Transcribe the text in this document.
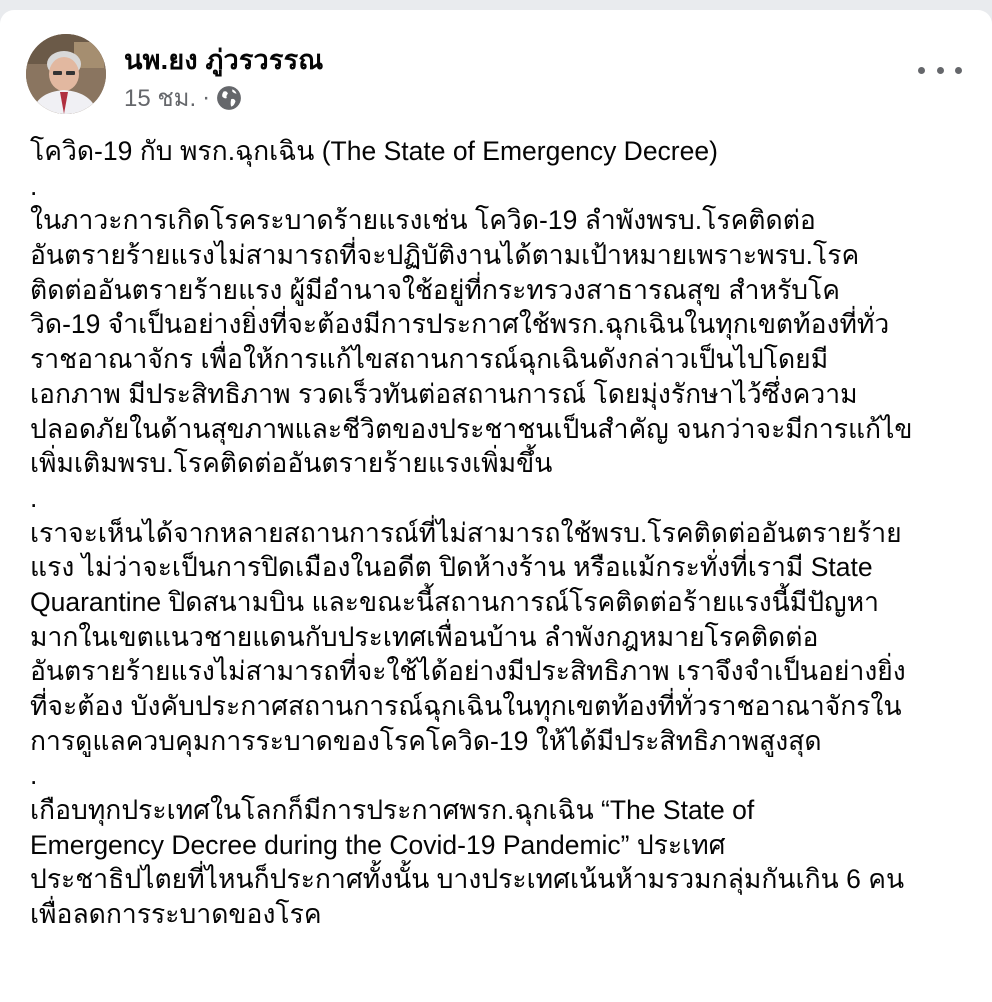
นพ.ยง ภู่วรวรรณ
15 ชม. ·
โควิด-19 กับ พรก.ฉุกเฉิน (The State of Emergency Decree)
.
ในภาวะการเกิดโรคระบาดร้ายแรงเช่น โควิด-19 ลำพังพรบ.โรคติดต่อ
อันตรายร้ายแรงไม่สามารถที่จะปฏิบัติงานได้ตามเป้าหมายเพราะพรบ.โรค
ติดต่ออันตรายร้ายแรง ผู้มีอำนาจใช้อยู่ที่กระทรวงสาธารณสุข สำหรับโค
วิด-19 จำเป็นอย่างยิ่งที่จะต้องมีการประกาศใช้พรก.ฉุกเฉินในทุกเขตท้องที่ทั่ว
ราชอาณาจักร เพื่อให้การแก้ไขสถานการณ์ฉุกเฉินดังกล่าวเป็นไปโดยมี
เอกภาพ มีประสิทธิภาพ รวดเร็วทันต่อสถานการณ์ โดยมุ่งรักษาไว้ซึ่งความ
ปลอดภัยในด้านสุขภาพและชีวิตของประชาชนเป็นสำคัญ จนกว่าจะมีการแก้ไข
เพิ่มเติมพรบ.โรคติดต่ออันตรายร้ายแรงเพิ่มขึ้น
.
เราจะเห็นได้จากหลายสถานการณ์ที่ไม่สามารถใช้พรบ.โรคติดต่ออันตรายร้าย
แรง ไม่ว่าจะเป็นการปิดเมืองในอดีต ปิดห้างร้าน หรือแม้กระทั่งที่เรามี State
Quarantine ปิดสนามบิน และขณะนี้สถานการณ์โรคติดต่อร้ายแรงนี้มีปัญหา
มากในเขตแนวชายแดนกับประเทศเพื่อนบ้าน ลำพังกฎหมายโรคติดต่อ
อันตรายร้ายแรงไม่สามารถที่จะใช้ได้อย่างมีประสิทธิภาพ เราจึงจำเป็นอย่างยิ่ง
ที่จะต้อง บังคับประกาศสถานการณ์ฉุกเฉินในทุกเขตท้องที่ทั่วราชอาณาจักรใน
การดูแลควบคุมการระบาดของโรคโควิด-19 ให้ได้มีประสิทธิภาพสูงสุด
.
เกือบทุกประเทศในโลกก็มีการประกาศพรก.ฉุกเฉิน “The State of
Emergency Decree during the Covid-19 Pandemic” ประเทศ
ประชาธิปไตยที่ไหนก็ประกาศทั้งนั้น บางประเทศเน้นห้ามรวมกลุ่มกันเกิน 6 คน
เพื่อลดการระบาดของโรค
